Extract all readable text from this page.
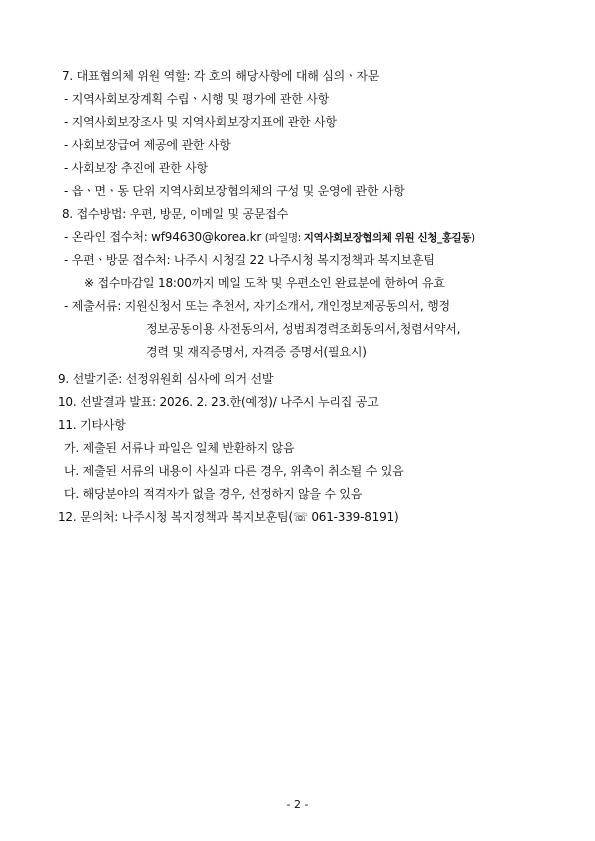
7. 대표협의체 위원 역할: 각 호의 해당사항에 대해 심의ㆍ자문
- 지역사회보장계획 수립ㆍ시행 및 평가에 관한 사항
- 지역사회보장조사 및 지역사회보장지표에 관한 사항
- 사회보장급여 제공에 관한 사항
- 사회보장 추진에 관한 사항
- 읍ㆍ면ㆍ동 단위 지역사회보장협의체의 구성 및 운영에 관한 사항
8. 접수방법: 우편, 방문, 이메일 및 공문접수
- 온라인 접수처: wf94630@korea.kr (파일명: 지역사회보장협의체 위원 신청_홍길동)
- 우편ㆍ방문 접수처: 나주시 시청길 22 나주시청 복지정책과 복지보훈팀
※ 접수마감일 18:00까지 메일 도착 및 우편소인 완료분에 한하여 유효
- 제출서류: 지원신청서 또는 추천서, 자기소개서, 개인정보제공동의서, 행정
정보공동이용 사전동의서, 성범죄경력조회동의서,청렴서약서,
경력 및 재직증명서, 자격증 증명서(필요시)
9. 선발기준: 선정위원회 심사에 의거 선발
10. 선발결과 발표: 2026. 2. 23.한(예정)/ 나주시 누리집 공고
11. 기타사항
가. 제출된 서류나 파일은 일체 반환하지 않음
나. 제출된 서류의 내용이 사실과 다른 경우, 위촉이 취소될 수 있음
다. 해당분야의 적격자가 없을 경우, 선정하지 않을 수 있음
12. 문의처: 나주시청 복지정책과 복지보훈팀(☏ 061-339-8191)
- 2 -
